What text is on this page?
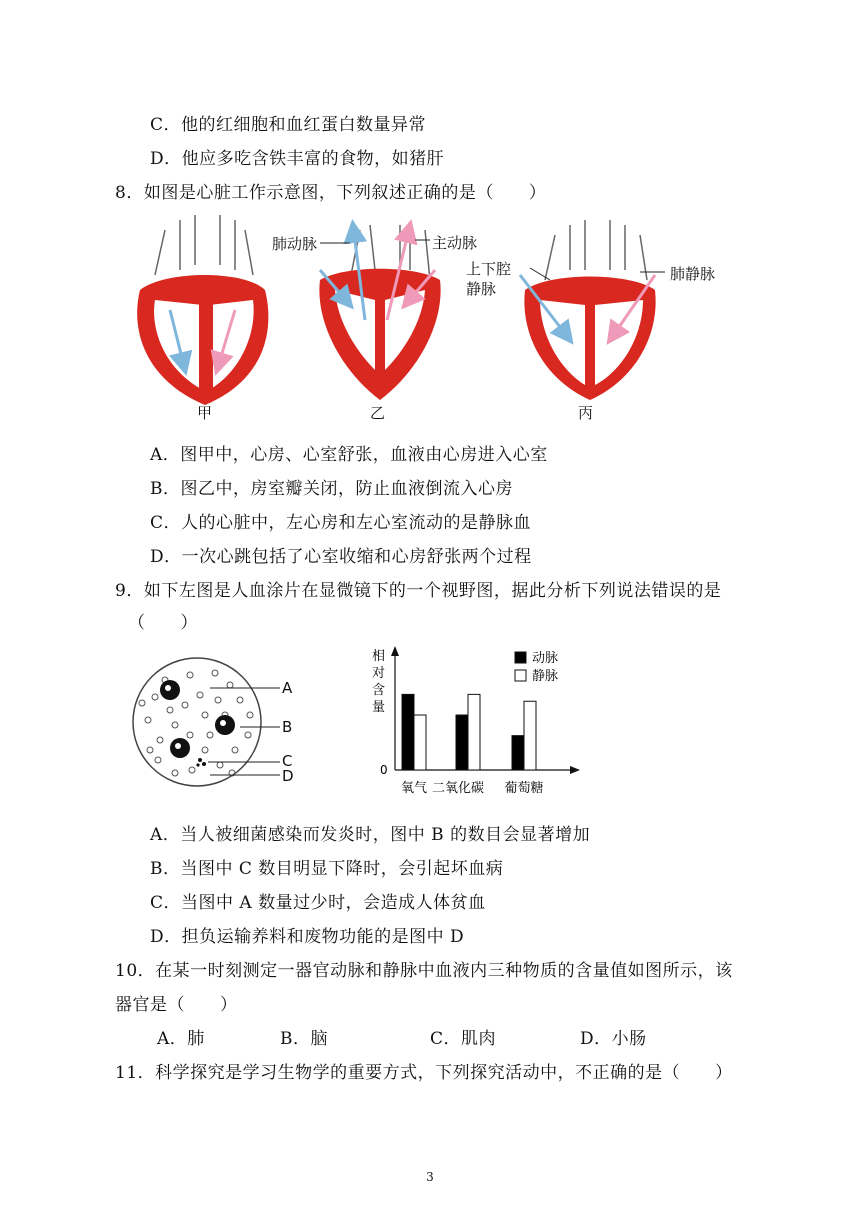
C．他的红细胞和血红蛋白数量异常
D．他应多吃含铁丰富的食物，如猪肝
8．如图是心脏工作示意图，下列叙述正确的是（　　）
肺动脉	主动脉
上下腔
静脉
肺静脉
甲	乙	丙
A．图甲中，心房、心室舒张，血液由心房进入心室
B．图乙中，房室瓣关闭，防止血液倒流入心房
C．人的心脏中，左心房和左心室流动的是静脉血
D．一次心跳包括了心室收缩和心房舒张两个过程
9．如下左图是人血涂片在显微镜下的一个视野图，据此分析下列说法错误的是
（　　）
A
B
C
D
相
对
含
量
0
氧气 二氧化碳 葡萄糖
动脉
静脉
A．当人被细菌感染而发炎时，图中 B 的数目会显著增加
B．当图中 C 数目明显下降时，会引起坏血病
C．当图中 A 数量过少时，会造成人体贫血
D．担负运输养料和废物功能的是图中 D
10．在某一时刻测定一器官动脉和静脉中血液内三种物质的含量值如图所示，该
器官是（　　）
A．肺	B．脑	C．肌肉	D．小肠
11．科学探究是学习生物学的重要方式，下列探究活动中，不正确的是（　　）
3
